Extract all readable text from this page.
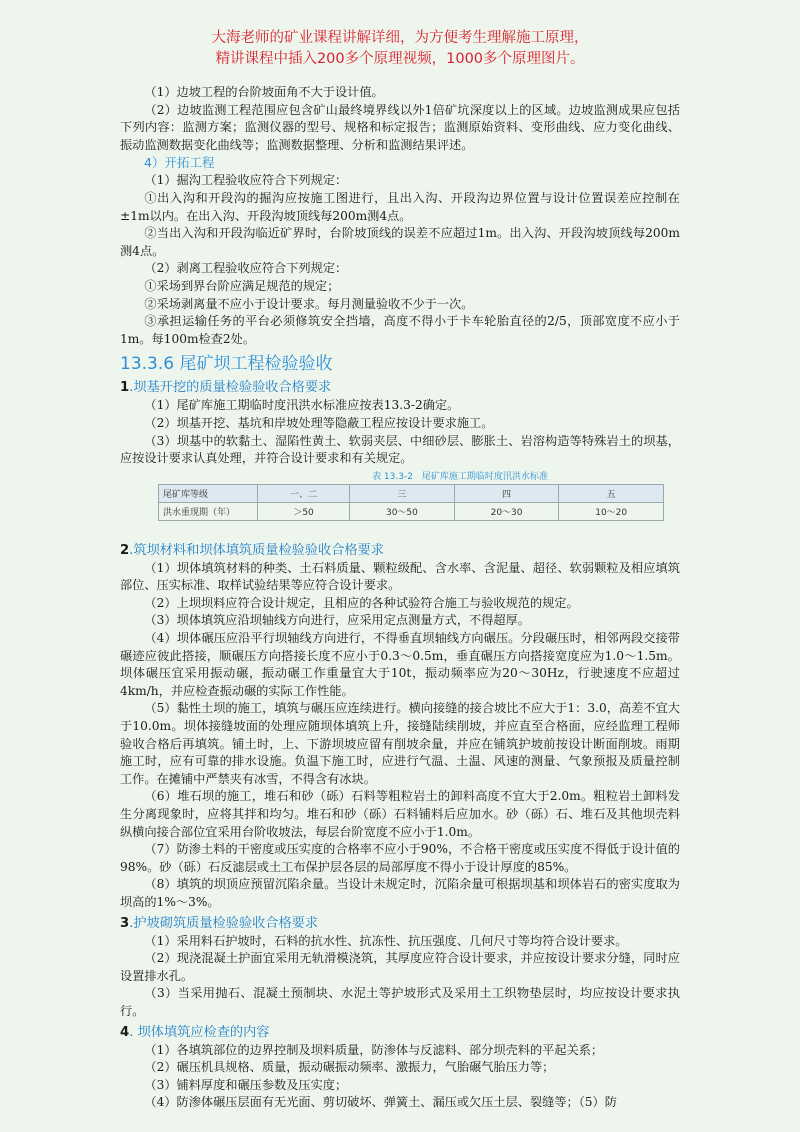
大海老师的矿业课程讲解详细，为方便考生理解施工原理，
精讲课程中插入200多个原理视频，1000多个原理图片。

（1）边坡工程的台阶坡面角不大于设计值。

（2）边坡监测工程范围应包含矿山最终境界线以外1倍矿坑深度以上的区域。边坡监测成果应包括下列内容：监测方案；监测仪器的型号、规格和标定报告；监测原始资料、变形曲线、应力变化曲线、振动监测数据变化曲线等；监测数据整理、分析和监测结果评述。

4）开拓工程

（1）掘沟工程验收应符合下列规定：

①出入沟和开段沟的掘沟应按施工图进行，且出入沟、开段沟边界位置与设计位置误差应控制在±1m以内。在出入沟、开段沟坡顶线每200m测4点。

②当出入沟和开段沟临近矿界时，台阶坡顶线的误差不应超过1m。出入沟、开段沟坡顶线每200m测4点。

（2）剥离工程验收应符合下列规定：

①采场到界台阶应满足规范的规定；

②采场剥离量不应小于设计要求。每月测量验收不少于一次。

③承担运输任务的平台必须修筑安全挡墙，高度不得小于卡车轮胎直径的2/5，顶部宽度不应小于1m。每100m检查2处。

13.3.6 尾矿坝工程检验验收
1.坝基开挖的质量检验验收合格要求

（1）尾矿库施工期临时度汛洪水标准应按表13.3-2确定。

（2）坝基开挖、基坑和岸坡处理等隐蔽工程应按设计要求施工。

（3）坝基中的软黏土、湿陷性黄土、软弱夹层、中细砂层、膨胀土、岩溶构造等特殊岩土的坝基，应按设计要求认真处理，并符合设计要求和有关规定。

表 13.3-2　尾矿库施工期临时度汛洪水标准
尾矿库等级	一、二	三	四	五
洪水重现期（年）	＞50	30～50	20～30	10～20
2.筑坝材料和坝体填筑质量检验验收合格要求

（1）坝体填筑材料的种类、土石料质量、颗粒级配、含水率、含泥量、超径、软弱颗粒及相应填筑部位、压实标准、取样试验结果等应符合设计要求。

（2）上坝坝料应符合设计规定，且相应的各种试验符合施工与验收规范的规定。

（3）坝体填筑应沿坝轴线方向进行，应采用定点测量方式，不得超厚。

（4）坝体碾压应沿平行坝轴线方向进行，不得垂直坝轴线方向碾压。分段碾压时，相邻两段交接带碾迹应彼此搭接，顺碾压方向搭接长度不应小于0.3～0.5m，垂直碾压方向搭接宽度应为1.0～1.5m。坝体碾压宜采用振动碾，振动碾工作重量宜大于10t，振动频率应为20～30Hz，行驶速度不应超过4km/h，并应检查振动碾的实际工作性能。

（5）黏性土坝的施工，填筑与碾压应连续进行。横向接缝的接合坡比不应大于1：3.0，高差不宜大于10.0m。坝体接缝坡面的处理应随坝体填筑上升，接缝陆续削坡，并应直至合格面，应经监理工程师验收合格后再填筑。铺土时，上、下游坝坡应留有削坡余量，并应在铺筑护坡前按设计断面削坡。雨期施工时，应有可靠的排水设施。负温下施工时，应进行气温、土温、风速的测量、气象预报及质量控制工作。在摊铺中严禁夹有冰雪，不得含有冰块。

（6）堆石坝的施工，堆石和砂（砾）石料等粗粒岩土的卸料高度不宜大于2.0m。粗粒岩土卸料发生分离现象时，应将其拌和均匀。堆石和砂（砾）石料铺料后应加水。砂（砾）石、堆石及其他坝壳料纵横向接合部位宜采用台阶收坡法，每层台阶宽度不应小于1.0m。

（7）防渗土料的干密度或压实度的合格率不应小于90%，不合格干密度或压实度不得低于设计值的98%。砂（砾）石反滤层或土工布保护层各层的局部厚度不得小于设计厚度的85%。

（8）填筑的坝顶应预留沉陷余量。当设计未规定时，沉陷余量可根据坝基和坝体岩石的密实度取为坝高的1%～3%。

3.护坡砌筑质量检验验收合格要求

（1）采用料石护坡时，石料的抗水性、抗冻性、抗压强度、几何尺寸等均符合设计要求。

（2）现浇混凝土护面宜采用无轨滑模浇筑，其厚度应符合设计要求，并应按设计要求分缝，同时应设置排水孔。

（3）当采用抛石、混凝土预制块、水泥土等护坡形式及采用土工织物垫层时，均应按设计要求执行。

4. 坝体填筑应检查的内容

（1）各填筑部位的边界控制及坝料质量，防渗体与反滤料、部分坝壳料的平起关系；

（2）碾压机具规格、质量，振动碾振动频率、激振力，气胎碾气胎压力等；

（3）铺料厚度和碾压参数及压实度；

（4）防渗体碾压层面有无光面、剪切破坏、弹簧土、漏压或欠压土层、裂缝等；（5）防
